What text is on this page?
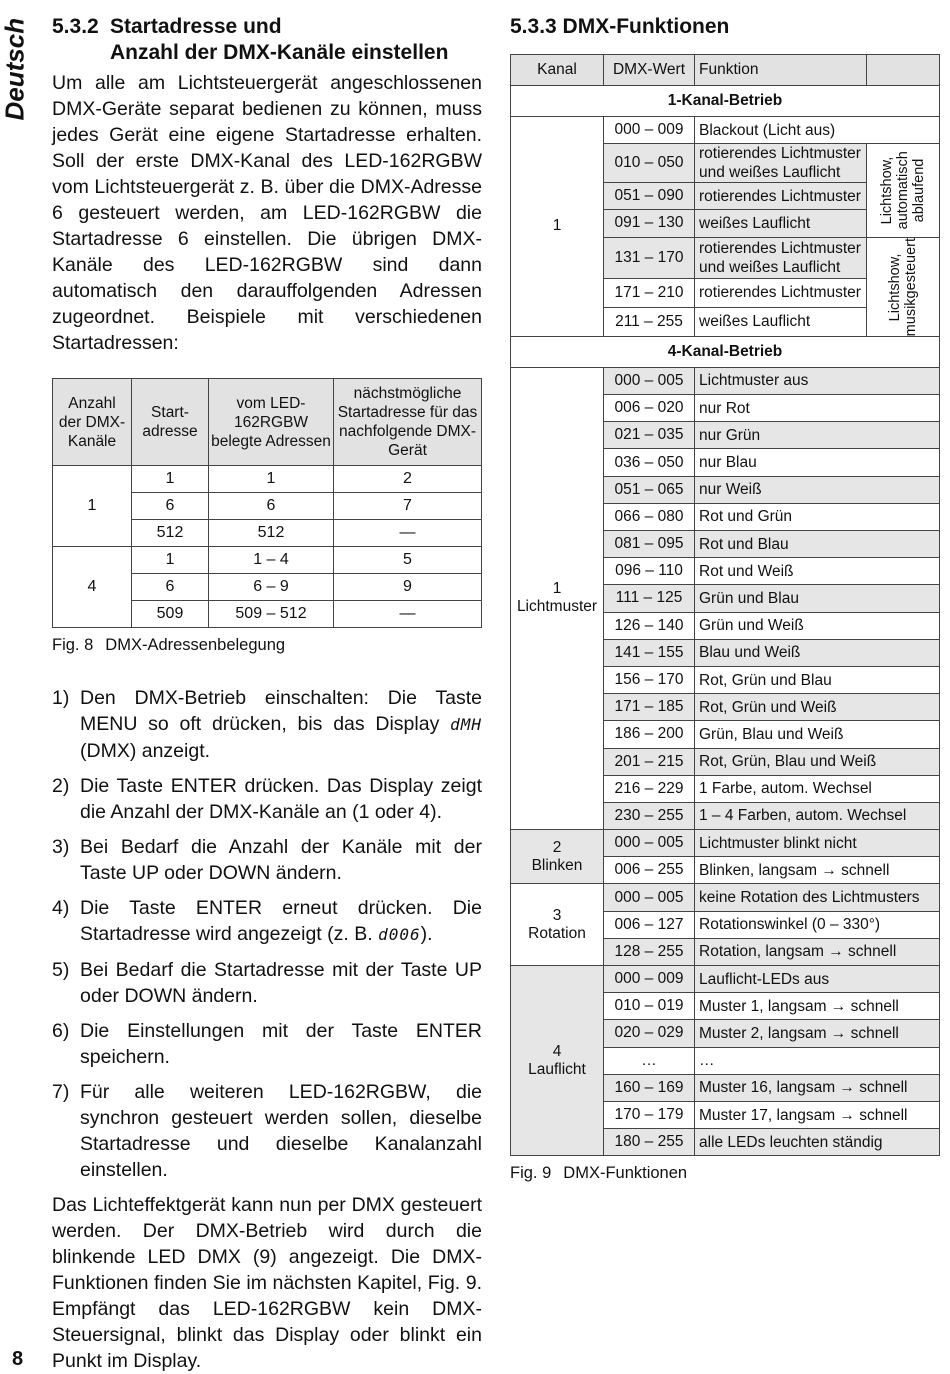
Deutsch 5.3.2 Startadresse und
Anzahl der DMX-Kanäle einstellen

Um alle am Lichtsteuergerät angeschlossenen DMX-Geräte separat bedienen zu können, muss jedes Gerät eine eigene Startadresse erhalten. Soll der erste DMX-Kanal des LED-162RGBW vom Lichtsteuergerät z. B. über die DMX-Adresse 6 gesteuert werden, am LED-162RGBW die Startadresse 6 einstellen. Die übrigen DMX-Kanäle des LED-162RGBW sind dann automatisch den darauffolgenden Adressen zugeordnet. Beispiele mit verschiedenen Startadressen:

Anzahl der DMX-Kanäle	Start-adresse	vom LED-162RGBW belegte Adressen	nächstmögliche Startadresse für das nachfolgende DMX-Gerät
1	1	1	2
	6	6	7
	512	512	—
4	1	1 – 4	5
	6	6 – 9	9
	509	509 – 512	—
Fig. 8 DMX-Adressenbelegung
1) Den DMX-Betrieb einschalten: Die Taste MENU so oft drücken, bis das Display dMH (DMX) anzeigt.
2) Die Taste ENTER drücken. Das Display zeigt die Anzahl der DMX-Kanäle an (1 oder 4).
3) Bei Bedarf die Anzahl der Kanäle mit der Taste UP oder DOWN ändern.
4) Die Taste ENTER erneut drücken. Die Startadresse wird angezeigt (z. B. d006).
5) Bei Bedarf die Startadresse mit der Taste UP oder DOWN ändern.
6) Die Einstellungen mit der Taste ENTER speichern.
7) Für alle weiteren LED-162RGBW, die synchron gesteuert werden sollen, dieselbe Startadresse und dieselbe Kanalanzahl einstellen.

Das Lichteffektgerät kann nun per DMX gesteuert werden. Der DMX-Betrieb wird durch die blinkende LED DMX (9) angezeigt. Die DMX-Funktionen finden Sie im nächsten Kapitel, Fig. 9. Empfängt das LED-162RGBW kein DMX-Steuersignal, blinkt das Display oder blinkt ein Punkt im Display.

5.3.3 DMX-Funktionen
Kanal	DMX-Wert	Funktion	
1-Kanal-Betrieb			
1	000 – 009	Blackout (Licht aus)	
	010 – 050	rotierendes Lichtmuster und weißes Lauflicht	Lichtshow, automatisch ablaufend

	051 – 090	rotierendes Lichtmuster	
	091 – 130	weißes Lauflicht	
	131 – 170	rotierendes Lichtmuster und weißes Lauflicht	Lichtshow, musikgesteuert

	171 – 210	rotierendes Lichtmuster	
	211 – 255	weißes Lauflicht	
4-Kanal-Betrieb			
1
Lichtmuster	000 – 005	Lichtmuster aus	
	006 – 020	nur Rot	
	021 – 035	nur Grün	
	036 – 050	nur Blau	
	051 – 065	nur Weiß	
	066 – 080	Rot und Grün	
	081 – 095	Rot und Blau	
	096 – 110	Rot und Weiß	
	111 – 125	Grün und Blau	
	126 – 140	Grün und Weiß	
	141 – 155	Blau und Weiß	
	156 – 170	Rot, Grün und Blau	
	171 – 185	Rot, Grün und Weiß	
	186 – 200	Grün, Blau und Weiß	
	201 – 215	Rot, Grün, Blau und Weiß	
	216 – 229	1 Farbe, autom. Wechsel	
	230 – 255	1 – 4 Farben, autom. Wechsel	
2
Blinken	000 – 005	Lichtmuster blinkt nicht	
	006 – 255	Blinken, langsam → schnell	
3
Rotation	000 – 005	keine Rotation des Lichtmusters	
	006 – 127	Rotationswinkel (0 – 330°)	
	128 – 255	Rotation, langsam → schnell	
4
Lauflicht	000 – 009	Lauflicht-LEDs aus	
	010 – 019	Muster 1, langsam → schnell	
	020 – 029	Muster 2, langsam → schnell	
	…	…	
	160 – 169	Muster 16, langsam → schnell	
	170 – 179	Muster 17, langsam → schnell	
	180 – 255	alle LEDs leuchten ständig	
Fig. 9 DMX-Funktionen
8
